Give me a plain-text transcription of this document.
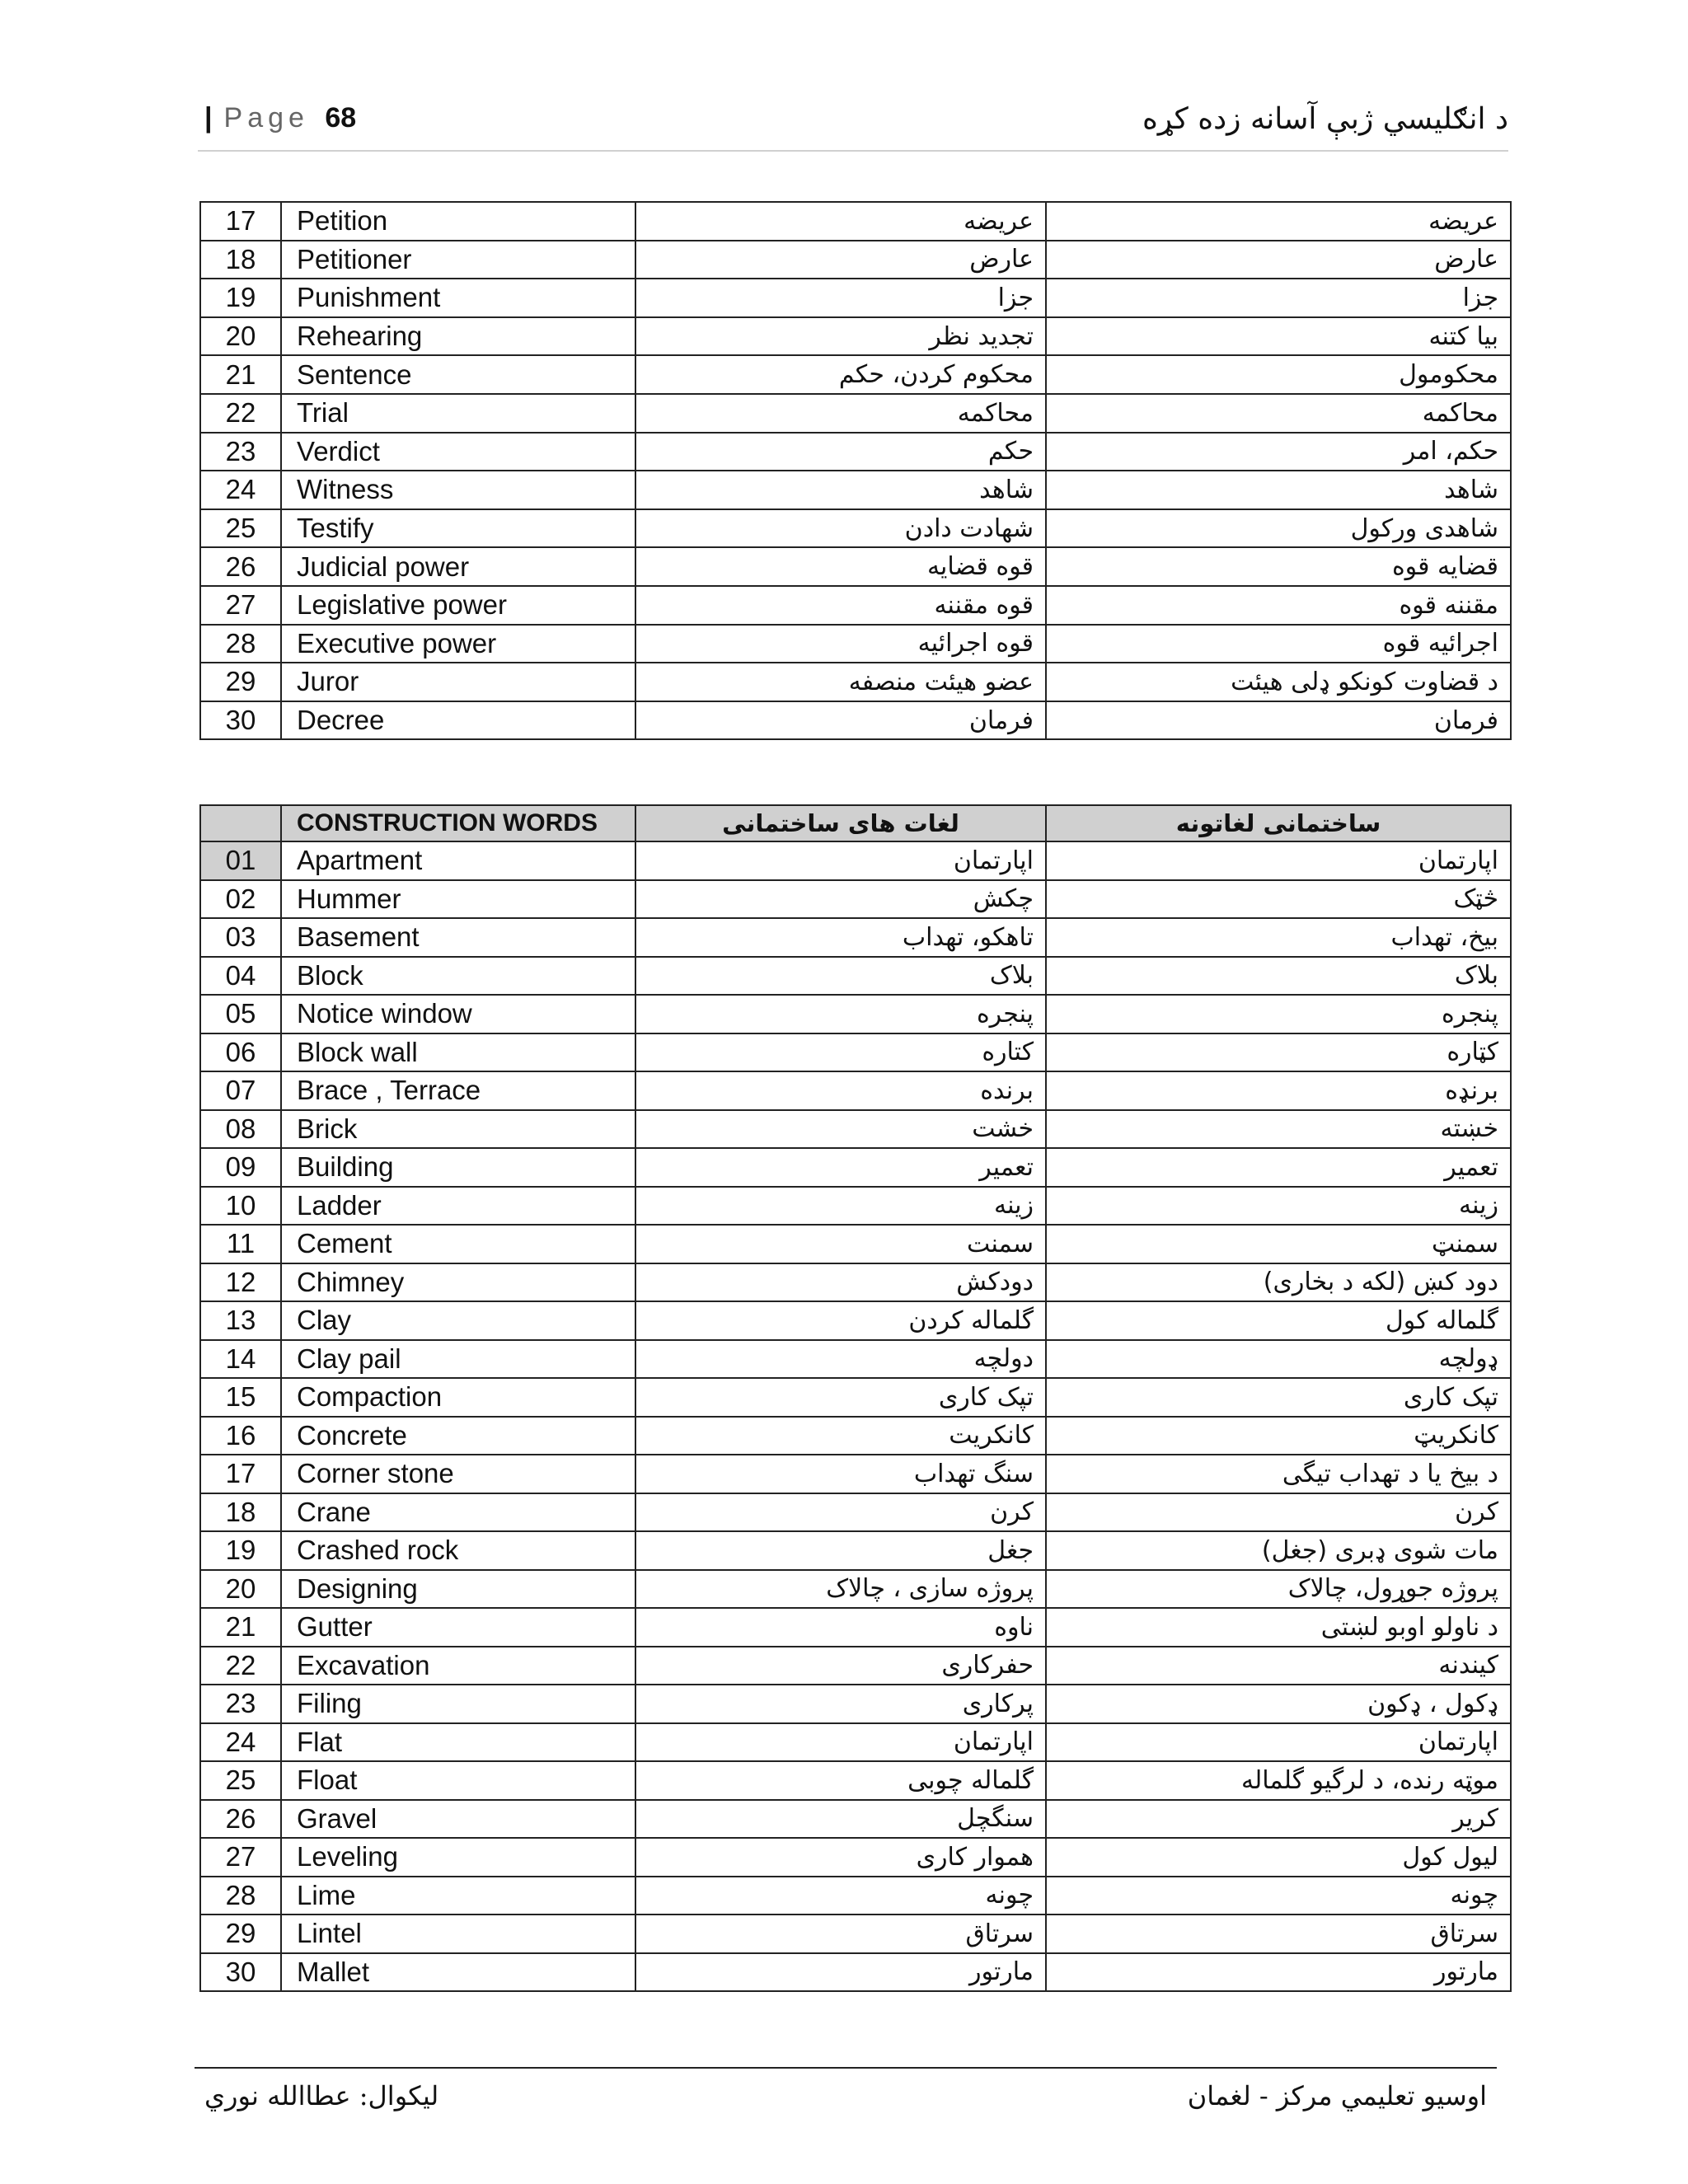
| Page 68	د انګلیسي ژبې آسانه زده کړه
17	Petition	عریضه	عریضه
18	Petitioner	عارض	عارض
19	Punishment	جزا	جزا
20	Rehearing	تجدید نظر	بیا کتنه
21	Sentence	محکوم کردن، حکم	محکومول
22	Trial	محاکمه	محاکمه
23	Verdict	حکم	حکم، امر
24	Witness	شاهد	شاهد
25	Testify	شهادت دادن	شاهدی ورکول
26	Judicial power	قوه قضایه	قضایه قوه
27	Legislative power	قوه مقننه	مقننه قوه
28	Executive power	قوه اجرائیه	اجرائیه قوه
29	Juror	عضو هیئت منصفه	د قضاوت کونکو ډلی هیئت
30	Decree	فرمان	فرمان
	CONSTRUCTION WORDS	لغات های ساختمانی	ساختمانی لغاتونه
01	Apartment	اپارتمان	اپارتمان
02	Hummer	چکش	څټک
03	Basement	تاهکو، تهداب	بیخ، تهداب
04	Block	بلاک	بلاک
05	Notice window	پنجره	پنجره
06	Block wall	کتاره	کټاره
07	Brace , Terrace	برنده	برنډه
08	Brick	خشت	خښته
09	Building	تعمیر	تعمیر
10	Ladder	زینه	زینه
11	Cement	سمنت	سمنټ
12	Chimney	دودکش	دود کښ (لکه د بخاری)
13	Clay	گلماله کردن	گلماله کول
14	Clay pail	دولچه	ډولچه
15	Compaction	تپک کاری	تپک کاری
16	Concrete	کانکریت	کانکریټ
17	Corner stone	سنگ تهداب	د بیخ یا د تهداب تیگی
18	Crane	کرن	کرن
19	Crashed rock	جغل	مات شوی ډبری (جغل)
20	Designing	پروژه سازی ، چالاک	پروژه جوړول، چالاک
21	Gutter	ناوه	د ناولو اوبو لښتی
22	Excavation	حفرکاری	کیندنه
23	Filing	پرکاری	ډکول ، ډکون
24	Flat	اپارتمان	اپارتمان
25	Float	گلماله چوبی	موټه رنده، د لرگیو گلماله
26	Gravel	سنگچل	کریر
27	Leveling	هموار کاری	لیول کول
28	Lime	چونه	چونه
29	Lintel	سرتاق	سرتاق
30	Mallet	مارتور	مارتور
لیکوال: عطاالله نوري	اوسیو تعلیمي مرکز - لغمان
